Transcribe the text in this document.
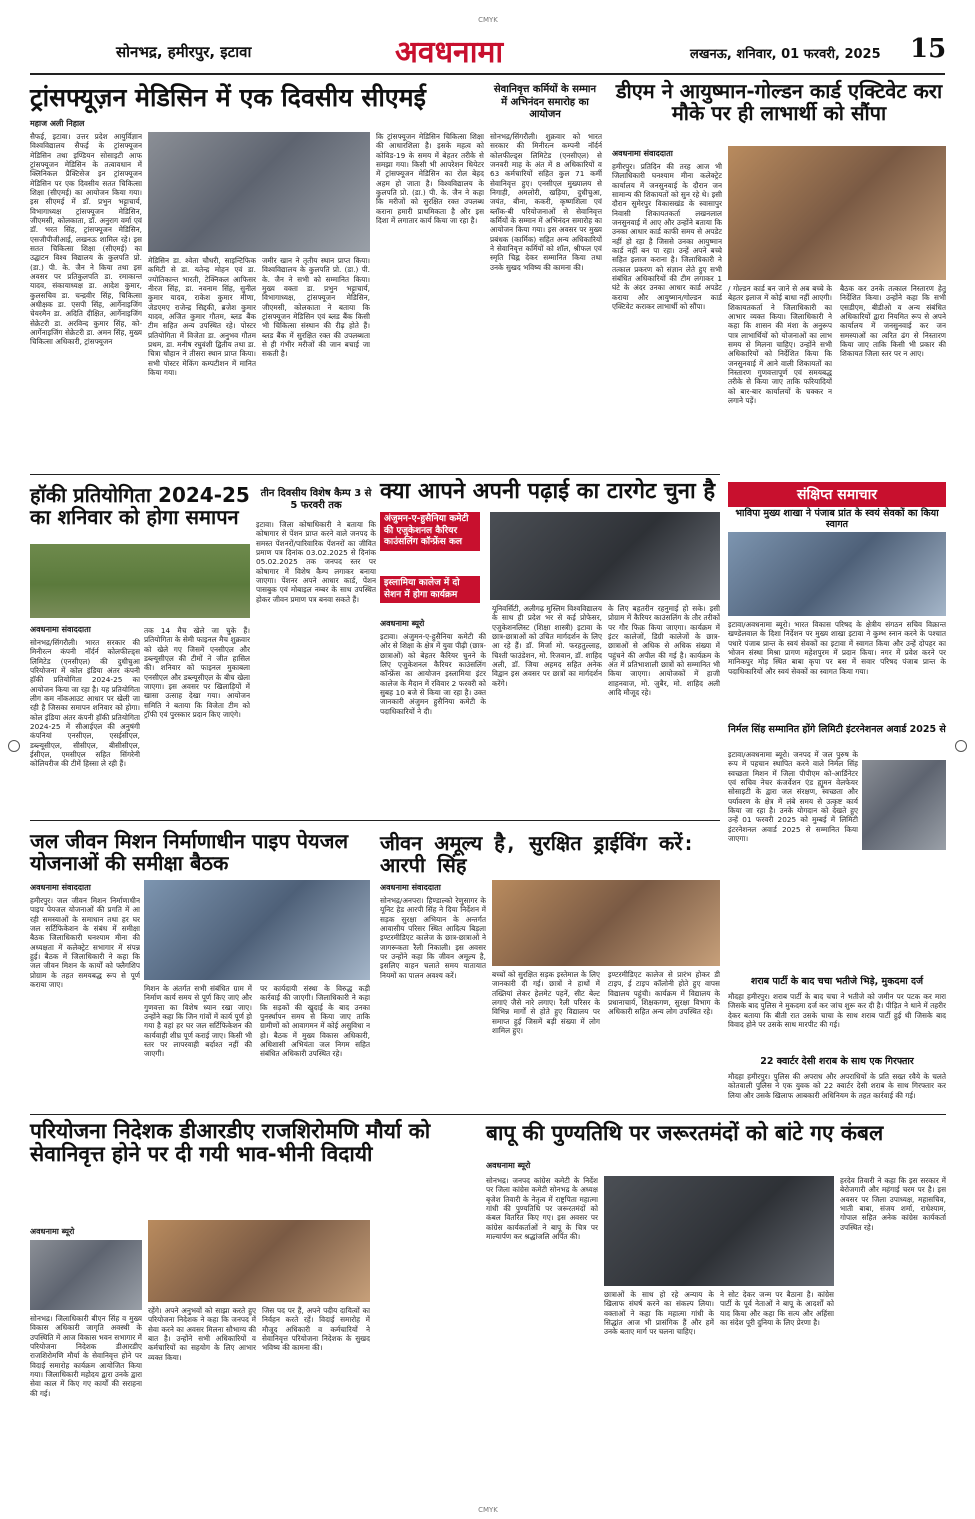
CMYK
CMYK
सोनभद्र, हमीरपुर, इटावा	अवधनामा	लखनऊ, शनिवार, 01 फरवरी, 2025 15
ट्रांसफ्यूज़न मेडिसिन में एक दिवसीय सीएमई
महाज अली निहाल
सैफई, इटावा। उत्तर प्रदेश आयुर्विज्ञान विश्वविद्यालय सैफई के ट्रांसफ्यूजन मेडिसिन तथा इण्डियन सोसाइटी आफ ट्रांसफ्यूजन मेडिसिन के तत्वावधान में क्लिनिकल प्रैक्टिसेज इन ट्रांसफ्यूजन मेडिसिन पर एक दिवसीय सतत चिकित्सा शिक्षा (सीएमई) का आयोजन किया गया। इस सीएमई में डॉ. प्रभुन भट्टाचार्य, विभागाध्यक्ष ट्रांसफ्यूजन मेडिसिन, जीएमसी, कोलकाता, डॉ. अनुराग वर्मा एवं डॉ. भरत सिंह, ट्रांसफ्यूजन मेडिसिन, एसजीपीजीआई, लखनऊ शामिल रहे। इस सतत चिकित्सा शिक्षा (सीएमई) का उद्घाटन विश्व विद्यालय के कुलपति प्रो. (डा.) पी. के. जैन ने किया तथा इस अवसर पर प्रतिकुलपति डा. रमाकान्त यादव, संकायाध्यक्ष डा. आदेश कुमार, कुलसचिव डा. चन्द्रवीर सिंह, चिकित्सा अधीक्षक डा. एसपी सिंह, आर्गेनाइजिंग चेयरमैन डा. अदिति दीक्षित, आर्गेनाइजिंग सेक्रेटरी डा. अरविन्द कुमार सिंह, को-आर्गेनाइजिंग सेक्रेटरी डा. अमन सिंह, मुख्य चिकित्सा अधिकारी, ट्रांसफ्यूजन
मेडिसिन डा. श्वेता चौधरी, साइन्टिफिक कमिटी से डा. यतेन्द्र मोहन एवं डा. ज्योतिकान्त भारती, टेक्निकल आफिसर नीरज सिंह, डा. नवनाम सिंह, सुनील कुमार यादव, राकेश कुमार मीणा, जेडएमए राजेन्द्र सिद्दकी, ब्रजेश कुमार यादव, अजित कुमार गौतम, ब्लड बैंक टीम सहित अन्य उपस्थित रहे। पोस्टर प्रतियोगिता में विजेता डा. अनुभव गौतम प्रथम, डा. मनीष रघुवंशी द्वितीय तथा डा. चित्रा चौहान ने तीसरा स्थान प्राप्त किया। सभी पोस्टर मेकिंग कम्पटीशन में मानित किया गया।
जमीर खान ने तृतीय स्थान प्राप्त किया। विश्वविद्यालय के कुलपति प्रो. (डा.) पी. के. जैन ने सभी को सम्मानित किया। मुख्य वक्ता डा. प्रभुन भट्टाचार्य, विभागाध्यक्ष, ट्रांसफ्यूजन मेडिसिन, जीएमसी, कोलकाता ने बताया कि ट्रांसफ्यूजन मेडिसिन एवं ब्लड बैंक किसी भी चिकित्सा संस्थान की रीढ़ होते हैं। ब्लड बैंक में सुरक्षित रक्त की उपलब्धता से ही गंभीर मरीजों की जान बचाई जा सकती है।
कि ट्रांसफ्यूजन मेडिसिन चिकित्सा शिक्षा की आधारशिला है। इसके महत्व को कोविड-19 के समय में बेहतर तरीके से समझा गया। किसी भी आपरेशन थियेटर में ट्रांसफ्यूजन मेडिसिन का रोल बेहद अहम हो जाता है। विश्वविद्यालय के कुलपति प्रो. (डा.) पी. के. जैन ने कहा कि मरीजों को सुरक्षित रक्त उपलब्ध कराना हमारी प्राथमिकता है और इस दिशा में लगातार कार्य किया जा रहा है।
सेवानिवृत्त कर्मियों के सम्मान में अभिनंदन समारोह का आयोजन
सोनभद्र/सिंगरौली। शुक्रवार को भारत सरकार की मिनीरत्न कम्पनी नॉर्दर्न कोलफील्ड्स लिमिटेड (एनसीएल) से जनवरी माह के अंत में 8 अधिकारियों व 63 कर्मचारियों सहित कुल 71 कर्मी सेवानिवृत्त हुए। एनसीएल मुख्यालय से निगाही, अमलोरी, खड़िया, दुधीचुआ, जयंत, बीना, ककरी, कृष्णशिला एवं ब्लॉक-बी परियोजनाओं से सेवानिवृत्त कर्मियों के सम्मान में अभिनंदन समारोह का आयोजन किया गया। इस अवसर पर मुख्य प्रबंधक (कार्मिक) सहित अन्य अधिकारियों ने सेवानिवृत्त कर्मियों को शॉल, श्रीफल एवं स्मृति चिह्न देकर सम्मानित किया तथा उनके सुखद भविष्य की कामना की।
डीएम ने आयुष्मान-गोल्डन कार्ड एक्टिवेट करा मौके पर ही लाभार्थी को सौंपा
अवधनामा संवाददाता
हमीरपुर। प्रतिदिन की तरह आज भी जिलाधिकारी घनश्याम मीना कलेक्ट्रेट कार्यालय में जनसुनवाई के दौरान जन सामान्य की शिकायतों को सुन रहे थे। इसी दौरान सुमेरपुर विकासखंड के स्वासापुर निवासी शिकायतकर्ता लखनलाल जनसुनवाई में आए और उन्होंने बताया कि उनका आधार कार्ड काफी समय से अपडेट नहीं हो रहा है जिससे उनका आयुष्मान कार्ड नहीं बन पा रहा। उन्हें अपने बच्चे सहित इलाज कराना है। जिलाधिकारी ने तत्काल प्रकरण को संज्ञान लेते हुए सभी संबंधित अधिकारियों की टीम लगाकर 1 घंटे के अंदर उनका आधार कार्ड अपडेट कराया और आयुष्मान/गोल्डन कार्ड एक्टिवेट कराकर लाभार्थी को सौंपा।
/ गोल्डन कार्ड बन जाने से अब बच्चे के बेहतर इलाज में कोई बाधा नहीं आएगी। शिकायतकर्ता ने जिलाधिकारी का आभार व्यक्त किया। जिलाधिकारी ने कहा कि शासन की मंशा के अनुरूप पात्र लाभार्थियों को योजनाओं का लाभ समय से मिलना चाहिए। उन्होंने सभी अधिकारियों को निर्देशित किया कि जनसुनवाई में आने वाली शिकायतों का निस्तारण गुणवत्तापूर्ण एवं समयबद्ध तरीके से किया जाए ताकि फरियादियों को बार-बार कार्यालयों के चक्कर न लगाने पड़ें।
बैठक कर उनके तत्काल निस्तारण हेतु निर्देशित किया। उन्होंने कहा कि सभी एसडीएम, बीडीओ व अन्य संबंधित अधिकारियों द्वारा नियमित रूप से अपने कार्यालय में जनसुनवाई कर जन समस्याओं का त्वरित ढंग से निस्तारण किया जाए ताकि किसी भी प्रकार की शिकायत जिला स्तर पर न आए।
हॉकी प्रतियोगिता 2024-25 का शनिवार को होगा समापन
अवधनामा संवाददाता
सोनभद्र/सिंगरौली। भारत सरकार की मिनीरत्न कंपनी नॉर्दर्न कोलफील्ड्स लिमिटेड (एनसीएल) की दुधीचुआ परियोजना में कोल इंडिया अंतर कंपनी हॉकी प्रतियोगिता 2024-25 का आयोजन किया जा रहा है। यह प्रतियोगिता लीग कम नॉकआउट आधार पर खेली जा रही है जिसका समापन शनिवार को होगा। कोल इंडिया अंतर कंपनी हॉकी प्रतियोगिता 2024-25 में सीआईएल की अनुषंगी कंपनियां एनसीएल, एसईसीएल, डब्ल्यूसीएल, सीसीएल, बीसीसीएल, ईसीएल, एमसीएल सहित सिंगरेनी कोलियरीज की टीमें हिस्सा ले रही हैं।
तक 14 मैच खेले जा चुके हैं। प्रतियोगिता के सेमी फाइनल मैच शुक्रवार को खेले गए जिसमें एनसीएल और डब्ल्यूसीएल की टीमों ने जीत हासिल की। शनिवार को फाइनल मुकाबला एनसीएल और डब्ल्यूसीएल के बीच खेला जाएगा। इस अवसर पर खिलाड़ियों में खासा उत्साह देखा गया। आयोजन समिति ने बताया कि विजेता टीम को ट्रॉफी एवं पुरस्कार प्रदान किए जाएंगे।
तीन दिवसीय विशेष कैम्प 3 से 5 फरवरी तक
इटावा। जिला कोषाधिकारी ने बताया कि कोषागार से पेंशन प्राप्त करने वाले जनपद के समस्त पेंशनरों/पारिवारिक पेंशनरों का जीवित प्रमाण पत्र दिनांक 03.02.2025 से दिनांक 05.02.2025 तक जनपद स्तर पर कोषागार में विशेष कैम्प लगाकर बनाया जाएगा। पेंशनर अपने आधार कार्ड, पेंशन पासबुक एवं मोबाइल नम्बर के साथ उपस्थित होकर जीवन प्रमाण पत्र बनवा सकते हैं।
क्या आपने अपनी पढ़ाई का टारगेट चुना है
अंजुमन-ए-हुसैनिया कमेटी की एजुकेशनल कैरियर काउंसलिंग कॉन्फ्रेंस कल
इस्लामिया कालेज में दो सेशन में होगा कार्यक्रम
अवधनामा ब्यूरो
इटावा। अंजुमन-ए-हुसैनिया कमेटी की ओर से शिक्षा के क्षेत्र में युवा पीढ़ी (छात्र-छात्राओं) को बेहतर कैरियर चुनने के लिए एजुकेशनल कैरियर काउंसलिंग कॉन्फ्रेंस का आयोजन इस्लामिया इंटर कालेज के मैदान में रविवार 2 फरवरी को सुबह 10 बजे से किया जा रहा है। उक्त जानकारी अंजुमन हुसैनिया कमेटी के पदाधिकारियों ने दी।
यूनिवर्सिटी, अलीगढ़ मुस्लिम विश्वविद्यालय के साथ ही प्रदेश भर से कई प्रोफेसर, एजुकेशनलिस्ट (शिक्षा शास्त्री) इटावा के छात्र-छात्राओं को उचित मार्गदर्शन के लिए आ रहे हैं। डॉ. मिर्जा मो. फरहतुल्लाह, चिश्ती फाउंडेशन, मो. रिजवान, डॉ. शाहिद अली, डॉ. जिया अहमद सहित अनेक विद्वान इस अवसर पर छात्रों का मार्गदर्शन करेंगे।
के लिए बहतरीन रहनुमाई हो सके। इसी प्रोग्राम में कैरियर काउंसलिंग के तौर तरीकों पर गौर फिक्र किया जाएगा। कार्यक्रम में इंटर कालेजों, डिग्री कालेजों के छात्र-छात्राओं से अधिक से अधिक संख्या में पहुंचने की अपील की गई है। कार्यक्रम के अंत में प्रतिभाशाली छात्रों को सम्मानित भी किया जाएगा। आयोजकों में हाजी शाहनवाज, मो. जुबैर, मो. शाहिद अली आदि मौजूद रहे।
संक्षिप्त समाचार
भाविपा मुख्य शाखा ने पंजाब प्रांत के स्वयं सेवकों का किया स्वागत
इटावा/अवधनामा ब्यूरो। भारत विकास परिषद के क्षेत्रीय संगठन सचिव विक्रान्त खण्डेलवाल के दिशा निर्देशन पर मुख्य शाखा इटावा ने कुम्भ स्नान करने के पश्चात पधारे पंजाब प्रान्त के स्वयं सेवकों का इटावा में स्वागत किया और उन्हें दोपहर का भोजन संस्था मिश्रा प्रागण महेशपुरम में प्रदान किया। नगर में प्रवेश करने पर मानिकपुर मोड़ स्थित बाबा कृपा पर बस में सवार परिषद पंजाब प्रान्त के पदाधिकारियों और स्वयं सेवकों का स्वागत किया गया।
निर्मल सिंह सम्मानित होंगे लिमिटी इंटरनेशनल अवार्ड 2025 से
इटावा/अवधनामा ब्यूरो। जनपद में जल पुरुष के रूप में पहचान स्थापित करने वाले निर्मल सिंह स्वच्छता मिशन में जिला पीपीएम को-आर्डिनेटर एवं सचिव नेचर कंजर्वेशन एंड ह्यूमन वेलफेयर सोसाइटी के द्वारा जल संरक्षण, स्वच्छता और पर्यावरण के क्षेत्र में लंबे समय से उत्कृष्ट कार्य किया जा रहा है। उनके योगदान को देखते हुए उन्हें 01 फरवरी 2025 को मुम्बई में लिमिटी इंटरनेशनल अवार्ड 2025 से सम्मानित किया जाएगा।
शराब पार्टी के बाद चचा भतीजे भिड़े, मुकदमा दर्ज
मौदहा हमीरपुर। शराब पार्टी के बाद चचा ने भतीजे को जमीन पर पटक कर मारा जिसके बाद पुलिस ने मुकदमा दर्ज कर जांच शुरू कर दी है। पीड़ित ने थाने में तहरीर देकर बताया कि बीती रात उसके चाचा के साथ शराब पार्टी हुई थी जिसके बाद विवाद होने पर उसके साथ मारपीट की गई।
22 क्वार्टर देसी शराब के साथ एक गिरफ्तार
मौदहा हमीरपुर। पुलिस की अपराध और अपराधियों के प्रति सख्त रवैये के चलते कोतवाली पुलिस ने एक युवक को 22 क्वार्टर देसी शराब के साथ गिरफ्तार कर लिया और उसके खिलाफ आबकारी अधिनियम के तहत कार्रवाई की गई।
जल जीवन मिशन निर्माणाधीन पाइप पेयजल योजनाओं की समीक्षा बैठक
अवधनामा संवाददाता
हमीरपुर। जल जीवन मिशन निर्माणाधीन पाइप पेयजल योजनाओं की प्रगति में आ रही समस्याओं के समाधान तथा हर घर जल सर्टिफिकेशन के संबंध में समीक्षा बैठक जिलाधिकारी घनश्याम मीना की अध्यक्षता में कलेक्ट्रेट सभागार में संपन्न हुई। बैठक में जिलाधिकारी ने कहा कि जल जीवन मिशन के कार्यों को फ्लैगशिप प्रोग्राम के तहत समयबद्ध रूप से पूर्ण कराया जाए।	मिशन के अंतर्गत सभी संबंधित ग्राम में निर्माण कार्य समय से पूर्ण किए जाएं और गुणवत्ता का विशेष ध्यान रखा जाए। उन्होंने कहा कि जिन गांवों में कार्य पूर्ण हो गया है वहां हर घर जल सर्टिफिकेशन की कार्यवाही शीघ्र पूर्ण कराई जाए। किसी भी स्तर पर लापरवाही बर्दाश्त नहीं की जाएगी।
पर कार्यदायी संस्था के विरुद्ध कड़ी कार्रवाई की जाएगी। जिलाधिकारी ने कहा कि सड़कों की खुदाई के बाद उनका पुनर्स्थापन समय से किया जाए ताकि ग्रामीणों को आवागमन में कोई असुविधा न हो। बैठक में मुख्य विकास अधिकारी, अधिशासी अभियंता जल निगम सहित संबंधित अधिकारी उपस्थित रहे।
जीवन अमूल्य है, सुरक्षित ड्राईविंग करें: आरपी सिंह
अवधनामा संवाददाता
सोनभद्र/अनपरा। हिण्डाल्को रेणुसागर के यूनिट हेड आरपी सिंह ने दिया निर्देशन में सड़क सुरक्षा अभियान के अन्तर्गत आवासीय परिसर स्थित आदित्य बिड़ला इण्टरमीडिएट कालेज के छात्र-छात्राओं ने जागरूकता रैली निकाली। इस अवसर पर उन्होंने कहा कि जीवन अमूल्य है, इसलिए वाहन चलाते समय यातायात नियमों का पालन अवश्य करें।	बच्चों को सुरक्षित सड़क इस्तेमाल के लिए जानकारी दी गई। छात्रों ने हाथों में तख्तियां लेकर हेलमेट पहनें, सीट बेल्ट लगाएं जैसे नारे लगाए। रैली परिसर के विभिन्न मार्गों से होते हुए विद्यालय पर समाप्त हुई जिसमें बड़ी संख्या में लोग शामिल हुए।
इण्टरमीडिएट कालेज से प्रारंभ होकर डी टाइप, ई टाइप कॉलोनी होते हुए वापस विद्यालय पहुंची। कार्यक्रम में विद्यालय के प्रधानाचार्य, शिक्षकगण, सुरक्षा विभाग के अधिकारी सहित अन्य लोग उपस्थित रहे।
परियोजना निदेशक डीआरडीए राजशिरोमणि मौर्या को सेवानिवृत्त होने पर दी गयी भाव-भीनी विदायी
अवधनामा ब्यूरो
सोनभद्र। जिलाधिकारी बीएन सिंह व मुख्य विकास अधिकारी जागृति अवस्थी के उपस्थिति में आज विकास भवन सभागार में परियोजना निदेशक डीआरडीए राजशिरोमणि मौर्या के सेवानिवृत्त होने पर विदाई समारोह कार्यक्रम आयोजित किया गया। जिलाधिकारी महोदय द्वारा उनके द्वारा सेवा काल में किए गए कार्यों की सराहना की गई।
रहेंगे। अपने अनुभवों को साझा करते हुए परियोजना निदेशक ने कहा कि जनपद में सेवा करने का अवसर मिलना सौभाग्य की बात है। उन्होंने सभी अधिकारियों व कर्मचारियों का सहयोग के लिए आभार व्यक्त किया।
जिस पद पर हैं, अपने पदीय दायित्वों का निर्वहन करते रहें। विदाई समारोह में मौजूद अधिकारी व कर्मचारियों ने सेवानिवृत्त परियोजना निदेशक के सुखद भविष्य की कामना की।
बापू की पुण्यतिथि पर जरूरतमंदों को बांटे गए कंबल
अवधनामा ब्यूरो
सोनभद्र। जनपद कांग्रेस कमेटी के निर्देश पर जिला कांग्रेस कमेटी सोनभद्र के अध्यक्ष बृजेश तिवारी के नेतृत्व में राष्ट्रपिता महात्मा गांधी की पुण्यतिथि पर जरूरतमंदों को कंबल वितरित किए गए। इस अवसर पर कांग्रेस कार्यकर्ताओं ने बापू के चित्र पर माल्यार्पण कर श्रद्धांजलि अर्पित की।
छात्राओं के साथ हो रहे अन्याय के खिलाफ संघर्ष करने का संकल्प लिया। वक्ताओं ने कहा कि महात्मा गांधी के सिद्धांत आज भी प्रासंगिक हैं और हमें उनके बताए मार्ग पर चलना चाहिए।
ने सोट देकर जन्म पर बैठाना है। कांग्रेस पार्टी के पूर्व नेताओं ने बापू के आदर्शों को याद किया और कहा कि सत्य और अहिंसा का संदेश पूरी दुनिया के लिए प्रेरणा है।
हरदेव तिवारी ने कहा कि इस सरकार में बेरोजगारी और महंगाई चरम पर है। इस अवसर पर जिला उपाध्यक्ष, महासचिव, भाती बाबा, संजय शर्मा, राधेश्याम, गोपाल सहित अनेक कांग्रेस कार्यकर्ता उपस्थित रहे।
